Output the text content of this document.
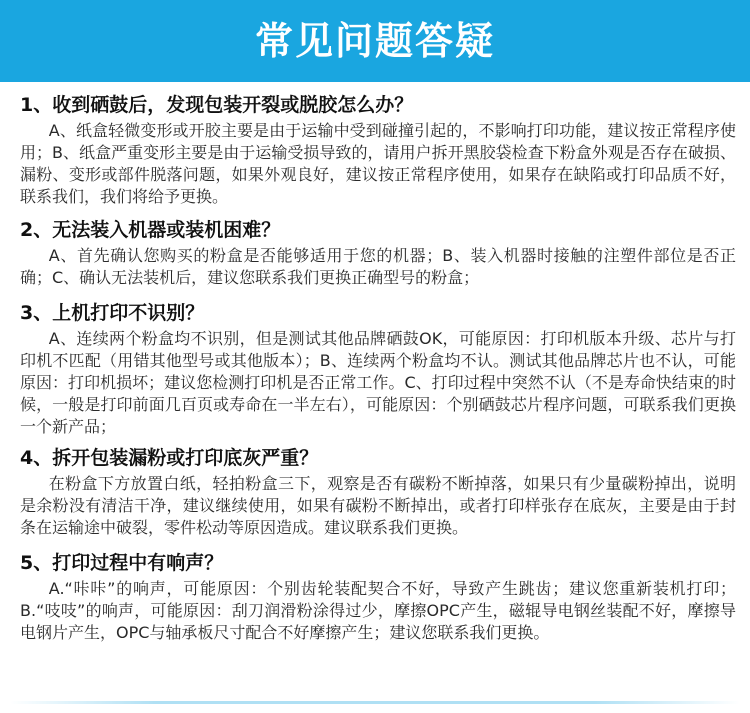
常见问题答疑

1、收到硒鼓后，发现包装开裂或脱胶怎么办？

A、纸盒轻微变形或开胶主要是由于运输中受到碰撞引起的，不影响打印功能，建议按正常程序使用；B、纸盒严重变形主要是由于运输受损导致的，请用户拆开黑胶袋检查下粉盒外观是否存在破损、漏粉、变形或部件脱落问题，如果外观良好，建议按正常程序使用，如果存在缺陷或打印品质不好，联系我们，我们将给予更换。

2、无法装入机器或装机困难？

A、首先确认您购买的粉盒是否能够适用于您的机器；B、装入机器时接触的注塑件部位是否正确；C、确认无法装机后，建议您联系我们更换正确型号的粉盒；

3、上机打印不识别？

A、连续两个粉盒均不识别，但是测试其他品牌硒鼓OK，可能原因：打印机版本升级、芯片与打印机不匹配（用错其他型号或其他版本）；B、连续两个粉盒均不认。测试其他品牌芯片也不认，可能原因：打印机损坏；建议您检测打印机是否正常工作。C、打印过程中突然不认（不是寿命快结束的时候，一般是打印前面几百页或寿命在一半左右），可能原因：个别硒鼓芯片程序问题，可联系我们更换一个新产品；

4、拆开包装漏粉或打印底灰严重？

在粉盒下方放置白纸，轻拍粉盒三下，观察是否有碳粉不断掉落，如果只有少量碳粉掉出，说明是余粉没有清洁干净，建议继续使用，如果有碳粉不断掉出，或者打印样张存在底灰，主要是由于封条在运输途中破裂，零件松动等原因造成。建议联系我们更换。

5、打印过程中有响声？

A.“咔咔”的响声，可能原因：个别齿轮装配契合不好，导致产生跳齿；建议您重新装机打印；B.“吱吱”的响声，可能原因：刮刀润滑粉涂得过少，摩擦OPC产生，磁辊导电钢丝装配不好，摩擦导电钢片产生，OPC与轴承板尺寸配合不好摩擦产生；建议您联系我们更换。
